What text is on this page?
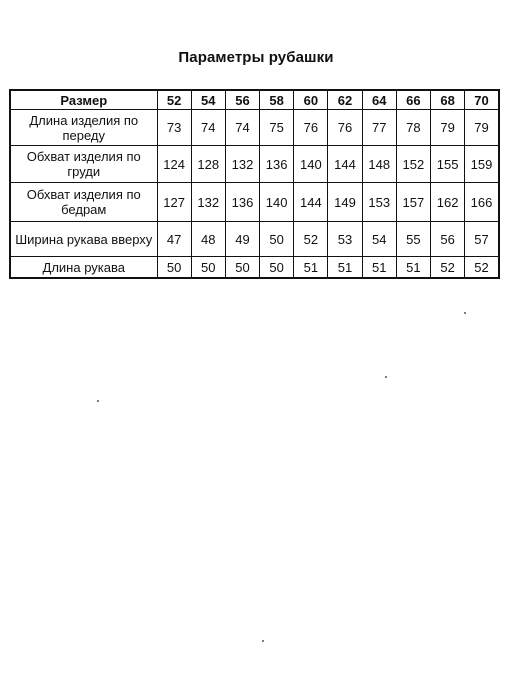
Параметры рубашки
Размер	52	54	56	58	60	62	64	66	68	70
Длина изделия по переду	73	74	74	75	76	76	77	78	79	79
Обхват изделия по груди	124	128	132	136	140	144	148	152	155	159
Обхват изделия по бедрам	127	132	136	140	144	149	153	157	162	166
Ширина рукава вверху	47	48	49	50	52	53	54	55	56	57
Длина рукава	50	50	50	50	51	51	51	51	52	52
